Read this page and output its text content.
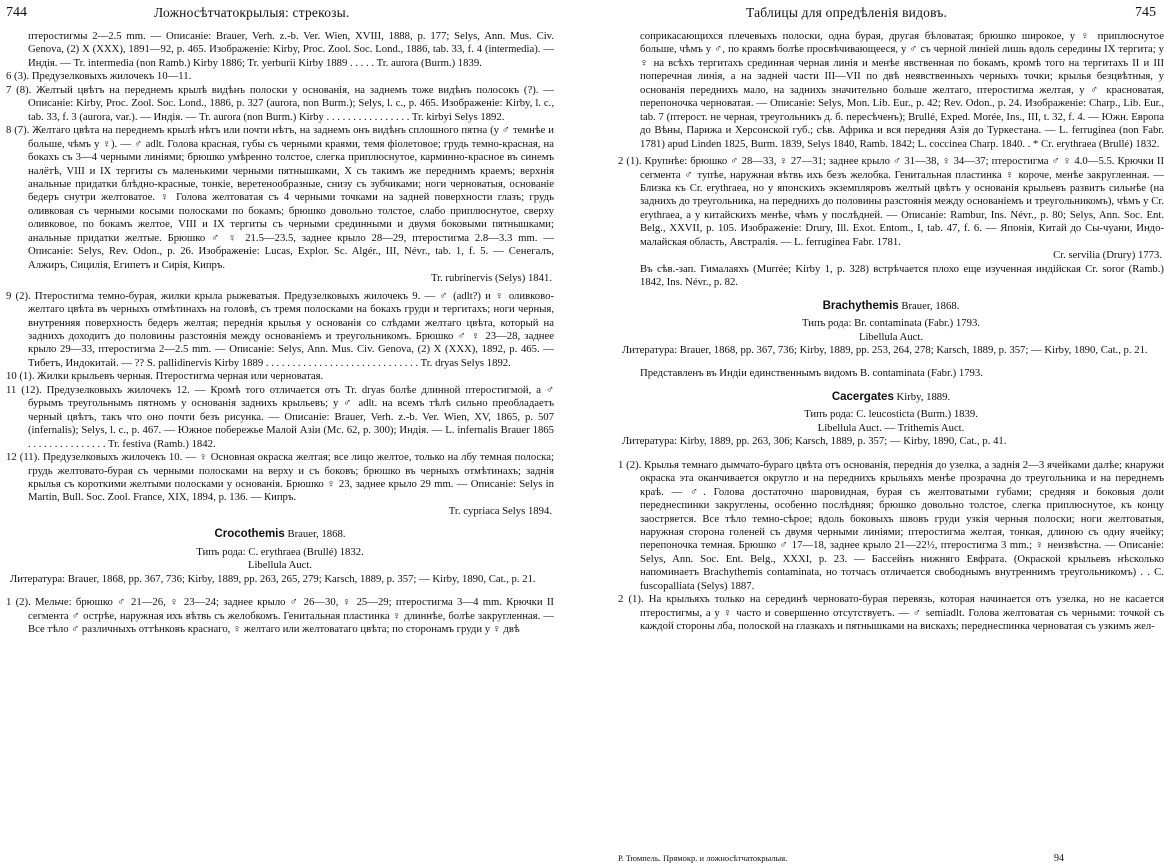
744	Ложносѣтчатокрылыя: стрекозы.
птеростигмы 2—2.5 mm. — Описаніе: Brauer, Verh. z.-b. Ver. Wien, XVIII, 1888, p. 177; Selys, Ann. Mus. Civ. Genova, (2) X (XXX), 1891—92, p. 465. Изображеніе: Kirby, Proc. Zool. Soc. Lond., 1886, tab. 33, f. 4 (intermedia). — Индія. — Tr. intermedia (non Ramb.) Kirby 1886; Tr. yerburii Kirby 1889 . . . . . Tr. aurora (Burm.) 1839.
6 (3). Предузелковыхъ жилочекъ 10—11.
7 (8). Желтый цвѣтъ на переднемъ крылѣ видѣнъ полоски у основанія, на заднемъ тоже видѣнъ полосокъ (?). — Описаніе: Kirby, Proc. Zool. Soc. Lond., 1886, p. 327 (aurora, non Burm.); Selys, l. c., p. 465. Изображеніе: Kirby, l. c., tab. 33, f. 3 (aurora, var.). — Индія. — Tr. aurora (non Burm.) Kirby . . . . . . . . . . . . . . . . Tr. kirbyi Selys 1892.
8 (7). Желтаго цвѣта на переднемъ крылѣ нѣтъ или почти нѣтъ, на заднемъ онъ видѣнъ сплошного пятна (у ♂ темнѣе и больше, чѣмъ у ♀). — ♂ adlt. Голова красная, губы съ черными краями, темя фіолетовое; грудь темно-красная, на бокахъ съ 3—4 черными линіями; брюшко умѣренно толстое, слегка приплюснутое, карминно-красное въ синемъ налётѣ, VIII и IX тергиты съ маленькими черными пятнышками, X съ такимъ же переднимъ краемъ; верхнія анальные придатки блѣдно-красные, тонкіе, веретенообразные, снизу съ зубчиками; ноги черноватыя, основаніе бедеръ снутри желтоватое. ♀ Голова желтоватая съ 4 черными точками на задней поверхности глазъ; грудь оливковая съ черными косыми полосками по бокамъ; брюшко довольно толстое, слабо приплюснутое, сверху оливковое, по бокамъ желтое, VIII и IX тергиты съ черными срединными и двумя боковыми пятнышками; анальные придатки желтые. Брюшко ♂ ♀ 21.5—23.5, заднее крыло 28—29, птеростигма 2.8—3.3 mm. — Описаніе: Selys, Rev. Odon., p. 26. Изображеніе: Lucas, Explor. Sc. Algér., III, Névr., tab. 1, f. 5. — Сенегалъ, Алжиръ, Сицилія, Египетъ и Сирія, Кипръ.
Tr. rubrinervis (Selys) 1841.
9 (2). Птеростигма темно-бурая, жилки крыла рыжеватыя. Предузелковыхъ жилочекъ 9. — ♂ (adlt?) и ♀ оливково-желтаго цвѣта въ черныхъ отмѣтинахъ на головѣ, съ тремя полосками на бокахъ груди и тергитахъ; ноги черныя, внутренняя поверхность бедеръ желтая; переднія крылья у основанія со слѣдами желтаго цвѣта, который на заднихъ доходитъ до половины разстоянія между основаніемъ и треугольникомъ. Брюшко ♂ ♀ 23—28, заднее крыло 29—33, птеростигма 2—2.5 mm. — Описаніе: Selys, Ann. Mus. Civ. Genova, (2) X (XXX), 1892, p. 465. — Тибетъ, Индокитай. — ?? S. pallidinervis Kirby 1889 . . . . . . . . . . . . . . . . . . . . . . . . . . . . . Tr. dryas Selys 1892.
10 (1). Жилки крыльевъ черныя. Птеростигма черная или черноватая.
11 (12). Предузелковыхъ жилочекъ 12. — Кромѣ того отличается отъ Tr. dryas болѣе длинной птеростигмой, а ♂ бурымъ треугольнымъ пятномъ у основанія заднихъ крыльевъ; у ♂ adlt. на всемъ тѣлѣ сильно преобладаетъ черный цвѣтъ, такъ что оно почти безъ рисунка. — Описаніе: Brauer, Verh. z.-b. Ver. Wien, XV, 1865, p. 507 (infernalis); Selys, l. c., p. 467. — Южное побережье Малой Азіи (Mc. 62, p. 300); Индія. — L. infernalis Brauer 1865 . . . . . . . . . . . . . . . Tr. festiva (Ramb.) 1842.
12 (11). Предузелковыхъ жилочекъ 10. — ♀ Основная окраска желтая; все лицо желтое, только на лбу темная полоска; грудь желтовато-бурая съ черными полосками на верху и съ боковъ; брюшко въ черныхъ отмѣтинахъ; заднія крылья съ короткими желтыми полосками у основанія. Брюшко ♀ 23, заднее крыло 29 mm. — Описаніе: Selys in Martin, Bull. Soc. Zool. France, XIX, 1894, p. 136. — Кипръ.
Tr. cypriaca Selys 1894.
Crocothemis Brauer, 1868.
Типъ рода: C. erythraea (Brullé) 1832.
Libellula Auct.
Литература: Brauer, 1868, pp. 367, 736; Kirby, 1889, pp. 263, 265, 279; Karsch, 1889, p. 357; — Kirby, 1890, Cat., p. 21.
1 (2). Мельче: брюшко ♂ 21—26, ♀ 23—24; заднее крыло ♂ 26—30, ♀ 25—29; птеростигма 3—4 mm. Крючки II сегмента ♂ острѣе, наружная ихъ вѣтвь съ желобкомъ. Генитальная пластинка ♀ длиннѣе, болѣе закругленная. — Все тѣло ♂ различныхъ оттѣнковъ краснаго, ♀ желтаго или желтоватаго цвѣта; по сторонамъ груди у ♀ двѣ
Таблицы для опредѣленія видовъ.	745
соприкасающихся плечевыхъ полоски, одна бурая, другая бѣловатая; брюшко широкое, у ♀ приплюснутое больше, чѣмъ у ♂, по краямъ болѣе просвѣчивающееся, у ♂ съ черной линіей лишь вдоль середины IX тергита; у ♀ на всѣхъ тергитахъ срединная черная линія и менѣе явственная по бокамъ, кромѣ того на тергитахъ II и III поперечная линія, а на задней части III—VII по двѣ неявственныхъ черныхъ точки; крылья безцвѣтныя, у основанія переднихъ мало, на заднихъ значительно больше желтаго, птеростигма желтая, у ♂ красноватая, перепоночка черноватая. — Описаніе: Selys, Mon. Lib. Eur., p. 42; Rev. Odon., p. 24. Изображеніе: Charp., Lib. Eur., tab. 7 (птерост. не черная, треугольникъ д. б. пересѣченъ); Brullé, Exped. Morée, Ins., III, t. 32, f. 4. — Южн. Европа до Вѣны, Парижа и Херсонской губ.; сѣв. Африка и вся передняя Азія до Туркестана. — L. ferruginea (non Fabr. 1781) apud Linden 1825, Burm. 1839, Selys 1840, Ramb. 1842; L. coccinea Charp. 1840. . * Cr. erythraea (Brullé) 1832.
2 (1). Крупнѣе: брюшко ♂ 28—33, ♀ 27—31; заднее крыло ♂ 31—38, ♀ 34—37; птеростигма ♂ ♀ 4.0—5.5. Крючки II сегмента ♂ тупѣе, наружная вѣтвь ихъ безъ желобка. Генитальная пластинка ♀ короче, менѣе закругленная. — Близка къ Cr. erythraea, но у японскихъ экземпляровъ желтый цвѣтъ у основанія крыльевъ развитъ сильнѣе (на заднихъ до треугольника, на переднихъ до половины разстоянія между основаніемъ и треугольникомъ), чѣмъ у Cr. erythraea, а у китайскихъ менѣе, чѣмъ у послѣдней. — Описаніе: Rambur, Ins. Névr., p. 80; Selys, Ann. Soc. Ent. Belg., XXVII, p. 105. Изображеніе: Drury, Ill. Exot. Entom., I, tab. 47, f. 6. — Японія, Китай до Сы-чуани, Индо-малайская область, Австралія. — L. ferruginea Fabr. 1781.
Cr. servilia (Drury) 1773.
Въ сѣв.-зап. Гималаяхъ (Murrée; Kirby 1, p. 328) встрѣчается плохо еще изученная индійская Cr. soror (Ramb.) 1842, Ins. Névr., p. 82.
Brachythemis Brauer, 1868.
Типъ рода: Br. contaminata (Fabr.) 1793.
Libellula Auct.
Литература: Brauer, 1868, pp. 367, 736; Kirby, 1889, pp. 253, 264, 278; Karsch, 1889, p. 357; — Kirby, 1890, Cat., p. 21.
Представленъ въ Индіи единственнымъ видомъ B. contaminata (Fabr.) 1793.
Cacergates Kirby, 1889.
Типъ рода: C. leucosticta (Burm.) 1839.
Libellula Auct. — Trithemis Auct.
Литература: Kirby, 1889, pp. 263, 306; Karsch, 1889, p. 357; — Kirby, 1890, Cat., p. 41.
1 (2). Крылья темнаго дымчато-бураго цвѣта отъ основанія, переднія до узелка, а заднія 2—3 ячейками далѣе; кнаружи окраска эта оканчивается округло и на переднихъ крыльяхъ менѣе прозрачна до треугольника и на переднемъ краѣ. — ♂. Голова достаточно шаровидная, бурая съ желтоватыми губами; средняя и боковыя доли переднеспинки закруглены, особенно послѣдняя; брюшко довольно толстое, слегка приплюснутое, къ концу заостряется. Все тѣло темно-сѣрое; вдоль боковыхъ швовъ груди узкія черныя полоски; ноги желтоватыя, наружная сторона голеней съ двумя черными линіями; птеростигма желтая, тонкая, длиною съ одну ячейку; перепоночка темная. Брюшко ♂ 17—18, заднее крыло 21—22½, птеростигма 3 mm.; ♀ неизвѣстна. — Описаніе: Selys, Ann. Soc. Ent. Belg., XXXI, p. 23. — Бассейнъ нижняго Евфрата. (Окраской крыльевъ нѣсколько напоминаетъ Brachythemis contaminata, но тотчасъ отличается свободнымъ внутреннимъ треугольникомъ) . . C. fuscopalliata (Selys) 1887.
2 (1). На крыльяхъ только на серединѣ черновато-бурая перевязь, которая начинается отъ узелка, но не касается птеростигмы, а у ♀ часто и совершенно отсутствуетъ. — ♂ semiadlt. Голова желтоватая съ черными: точкой съ каждой стороны лба, полоской на глазкахъ и пятнышками на вискахъ; переднеспинка черноватая съ узкимъ жел-
Р. Тюмпель. Прямокр. и ложносѣтчатокрылыя.	94
